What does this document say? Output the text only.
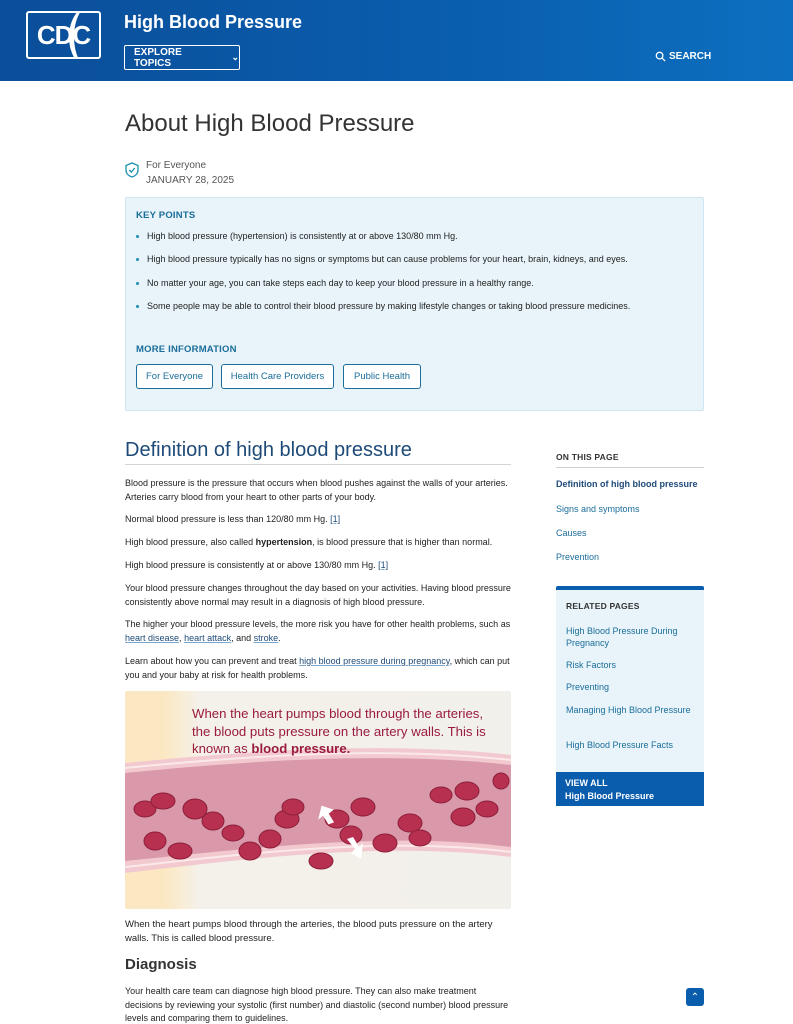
CDC High Blood Pressure
EXPLORE TOPICS
⌄	SEARCH
About High Blood Pressure
For Everyone
JANUARY 28, 2025
KEY POINTS
High blood pressure (hypertension) is consistently at or above 130/80 mm Hg.
High blood pressure typically has no signs or symptoms but can cause problems for your heart, brain, kidneys, and eyes.
No matter your age, you can take steps each day to keep your blood pressure in a healthy range.
Some people may be able to control their blood pressure by making lifestyle changes or taking blood pressure medicines.
MORE INFORMATION
For Everyone	Health Care Providers	Public Health
Definition of high blood pressure

Blood pressure is the pressure that occurs when blood pushes against the walls of your arteries. Arteries carry blood from your heart to other parts of your body.

Normal blood pressure is less than 120/80 mm Hg. [1]

High blood pressure, also called hypertension, is blood pressure that is higher than normal.

High blood pressure is consistently at or above 130/80 mm Hg. [1]

Your blood pressure changes throughout the day based on your activities. Having blood pressure consistently above normal may result in a diagnosis of high blood pressure.

The higher your blood pressure levels, the more risk you have for other health problems, such as heart disease, heart attack, and stroke.

Learn about how you can prevent and treat high blood pressure during pregnancy, which can put you and your baby at risk for health problems.

When the heart pumps blood through the arteries, the blood puts pressure on the artery walls. This is known as blood pressure.

When the heart pumps blood through the arteries, the blood puts pressure on the artery walls. This is called blood pressure.

Diagnosis

Your health care team can diagnose high blood pressure. They can also make treatment decisions by reviewing your systolic (first number) and diastolic (second number) blood pressure levels and comparing them to guidelines.

ON THIS PAGE
Definition of high blood pressure
Signs and symptoms
Causes
Prevention
RELATED PAGES
High Blood Pressure During Pregnancy
Risk Factors
Preventing
Managing High Blood Pressure
High Blood Pressure Facts
VIEW ALL
High Blood Pressure
⌃
